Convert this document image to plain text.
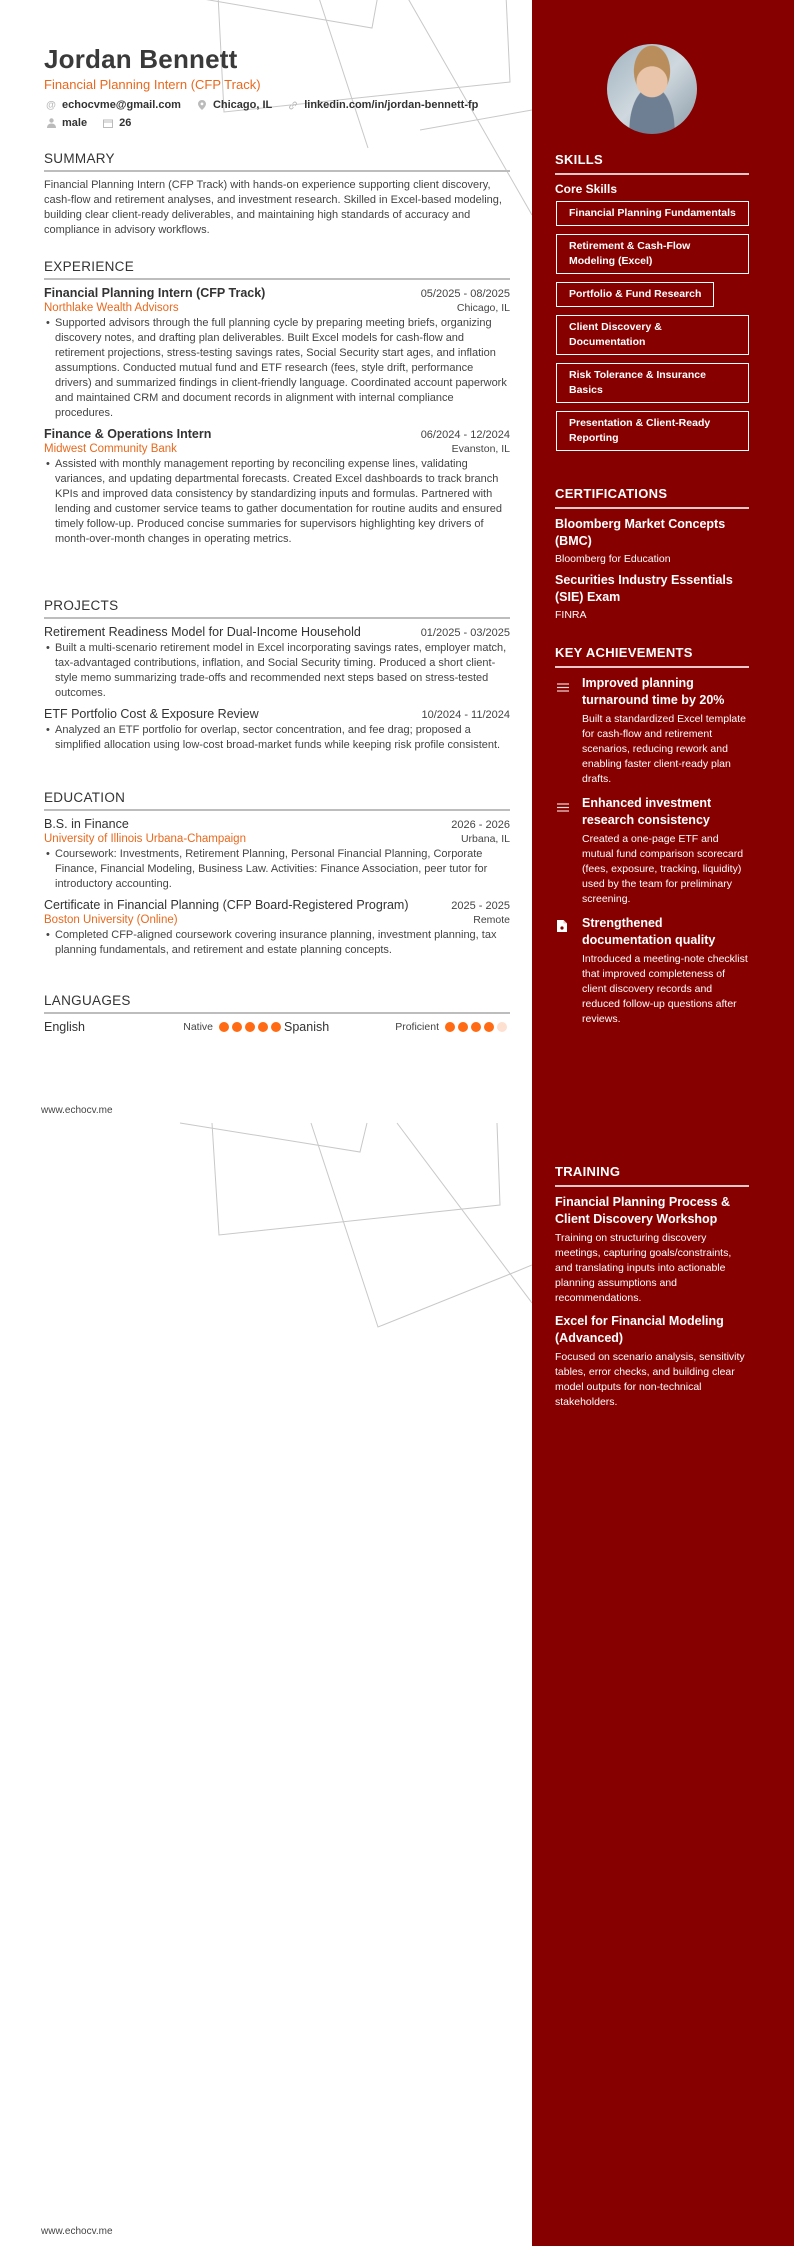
Jordan Bennett
Financial Planning Intern (CFP Track)
@ echocvme@gmail.com	Chicago, IL	linkedin.com/in/jordan-bennett-fp
male	26
SUMMARY
Financial Planning Intern (CFP Track) with hands-on experience supporting client discovery, cash-flow and retirement analyses, and investment research. Skilled in Excel-based modeling, building clear client-ready deliverables, and maintaining high standards of accuracy and compliance in advisory workflows.
EXPERIENCE
Financial Planning Intern (CFP Track)	05/2025 - 08/2025
Northlake Wealth Advisors	Chicago, IL
• Supported advisors through the full planning cycle by preparing meeting briefs, organizing discovery notes, and drafting plan deliverables. Built Excel models for cash-flow and retirement projections, stress-testing savings rates, Social Security start ages, and inflation assumptions. Conducted mutual fund and ETF research (fees, style drift, performance drivers) and summarized findings in client-friendly language. Coordinated account paperwork and maintained CRM and document records in alignment with internal compliance procedures.
Finance & Operations Intern	06/2024 - 12/2024
Midwest Community Bank	Evanston, IL
• Assisted with monthly management reporting by reconciling expense lines, validating variances, and updating departmental forecasts. Created Excel dashboards to track branch KPIs and improved data consistency by standardizing inputs and formulas. Partnered with lending and customer service teams to gather documentation for routine audits and ensured timely follow-up. Produced concise summaries for supervisors highlighting key drivers of month-over-month changes in operating metrics.
PROJECTS
Retirement Readiness Model for Dual-Income Household	01/2025 - 03/2025
• Built a multi-scenario retirement model in Excel incorporating savings rates, employer match, tax-advantaged contributions, inflation, and Social Security timing. Produced a short client-style memo summarizing trade-offs and recommended next steps based on stress-tested outcomes.
ETF Portfolio Cost & Exposure Review	10/2024 - 11/2024
• Analyzed an ETF portfolio for overlap, sector concentration, and fee drag; proposed a simplified allocation using low-cost broad-market funds while keeping risk profile consistent.
EDUCATION
B.S. in Finance	2026 - 2026
University of Illinois Urbana-Champaign	Urbana, IL
• Coursework: Investments, Retirement Planning, Personal Financial Planning, Corporate Finance, Financial Modeling, Business Law. Activities: Finance Association, peer tutor for introductory accounting.
Certificate in Financial Planning (CFP Board-Registered Program)	2025 - 2025
Boston University (Online)	Remote
• Completed CFP-aligned coursework covering insurance planning, investment planning, tax planning fundamentals, and retirement and estate planning concepts.
LANGUAGES
English	Native	Spanish	Proficient
www.echocv.me
www.echocv.me
SKILLS
Core Skills
Financial Planning Fundamentals
Retirement & Cash-Flow Modeling (Excel)
Portfolio & Fund Research
Client Discovery & Documentation
Risk Tolerance & Insurance Basics
Presentation & Client-Ready Reporting
CERTIFICATIONS
Bloomberg Market Concepts (BMC)
Bloomberg for Education
Securities Industry Essentials (SIE) Exam
FINRA
KEY ACHIEVEMENTS
Improved planning turnaround time by 20%
Built a standardized Excel template for cash-flow and retirement scenarios, reducing rework and enabling faster client-ready plan drafts.
Enhanced investment research consistency
Created a one-page ETF and mutual fund comparison scorecard (fees, exposure, tracking, liquidity) used by the team for preliminary screening.
Strengthened documentation quality
Introduced a meeting-note checklist that improved completeness of client discovery records and reduced follow-up questions after reviews.
TRAINING
Financial Planning Process & Client Discovery Workshop
Training on structuring discovery meetings, capturing goals/constraints, and translating inputs into actionable planning assumptions and recommendations.
Excel for Financial Modeling (Advanced)
Focused on scenario analysis, sensitivity tables, error checks, and building clear model outputs for non-technical stakeholders.
